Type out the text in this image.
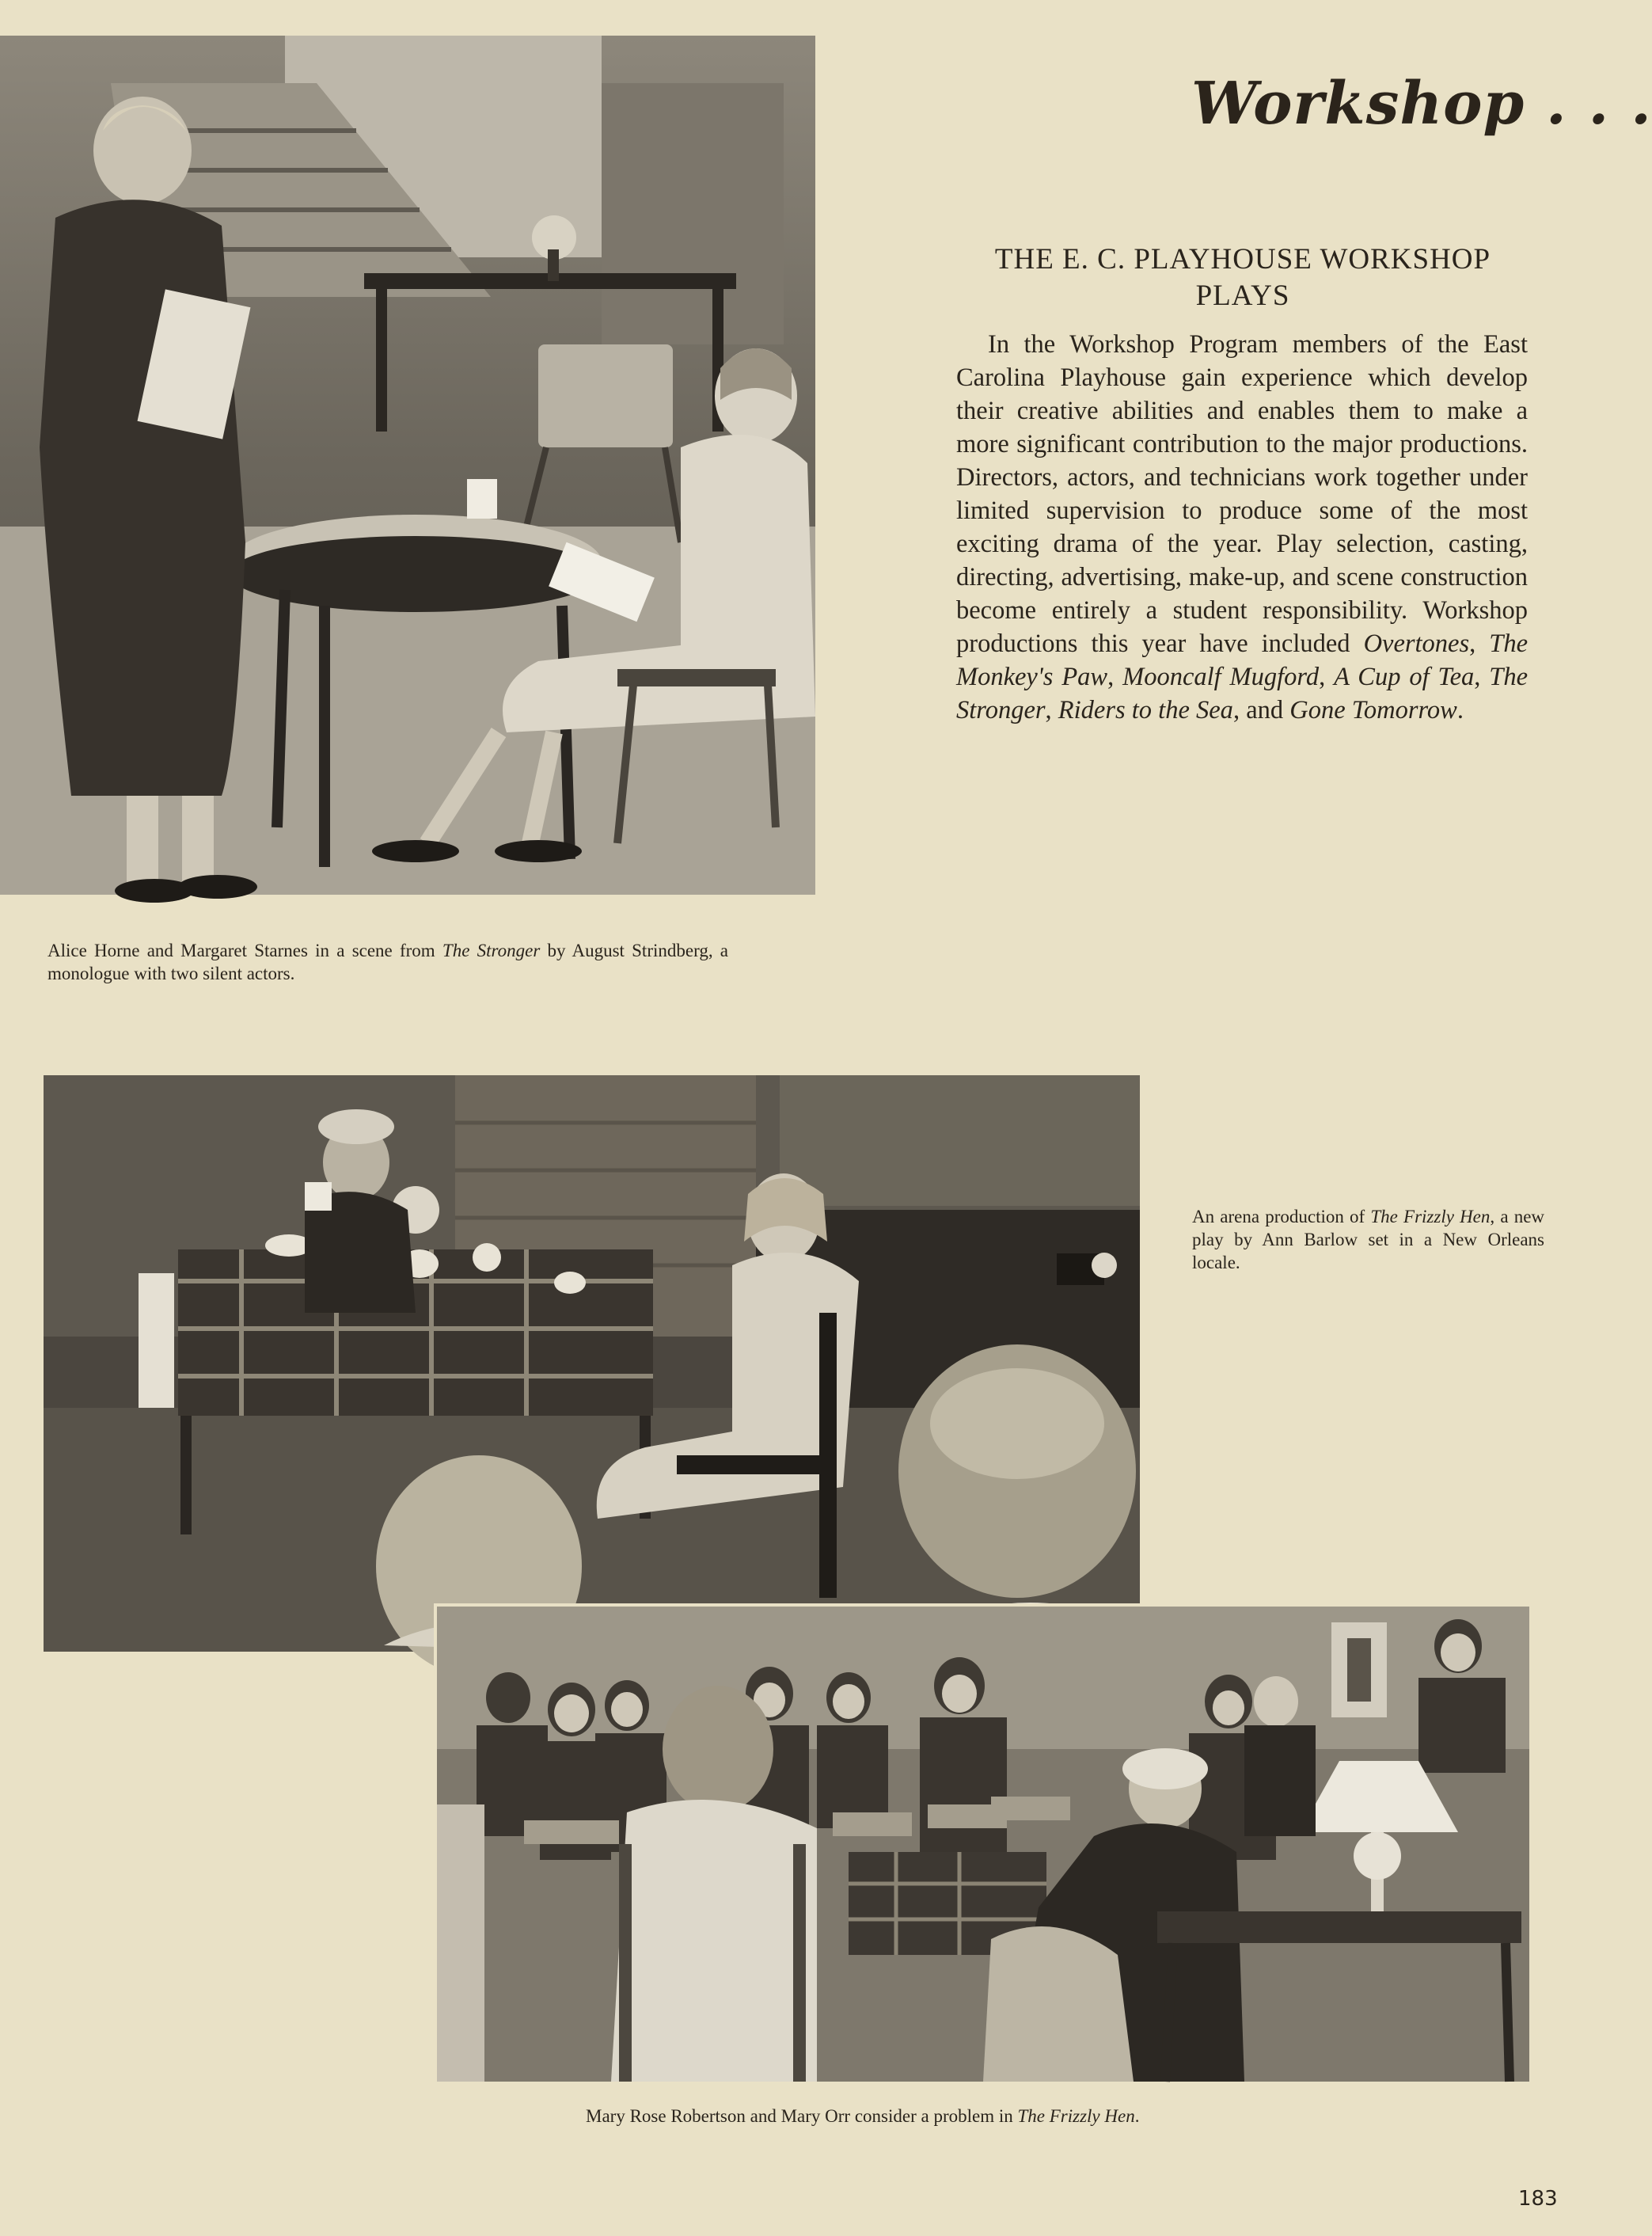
Workshop . . .
THE E. C. PLAYHOUSE WORKSHOP PLAYS
In the Workshop Program members of the East Carolina Playhouse gain experience which develop their creative abilities and enables them to make a more significant contribution to the major productions. Directors, actors, and technicians work together under limited supervision to produce some of the most exciting drama of the year. Play selection, casting, directing, advertising, make-up, and scene construction become entirely a student responsibility. Workshop productions this year have included Overtones, The Monkey's Paw, Mooncalf Mugford, A Cup of Tea, The Stronger, Riders to the Sea, and Gone Tomorrow.
Alice Horne and Margaret Starnes in a scene from The Stronger by August Strindberg, a monologue with two silent actors.
An arena production of The Frizzly Hen, a new play by Ann Barlow set in a New Orleans locale.
Mary Rose Robertson and Mary Orr consider a problem in The Frizzly Hen.
183
